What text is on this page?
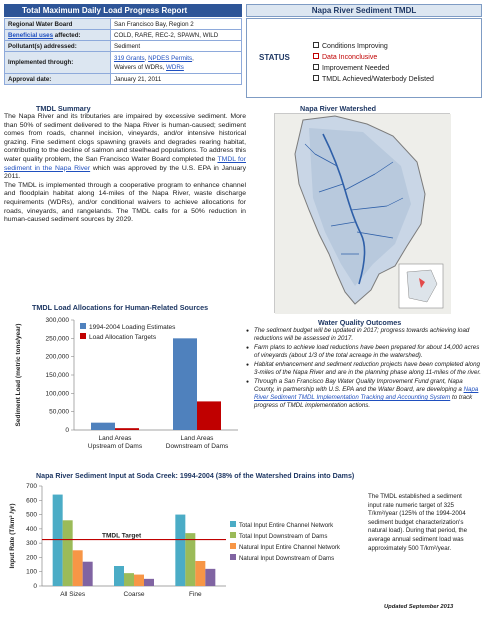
Total Maximum Daily Load Progress Report	Napa River Sediment TMDL
Regional Water Board	San Francisco Bay, Region 2
Beneficial uses affected:	COLD, RARE, REC-2, SPAWN, WILD
Pollutant(s) addressed:	Sediment
Implemented through:	319 Grants, NPDES Permits,
Waivers of WDRs, WDRs
Approval date:	January 21, 2011
STATUS
Conditions Improving
Data Inconclusive
Improvement Needed
TMDL Achieved/Waterbody Delisted
TMDL Summary

The Napa River and its tributaries are impaired by excessive sediment. More than 50% of sediment delivered to the Napa River is human-caused; sediment comes from roads, channel incision, vineyards, and/or intensive historical grazing. Fine sediment clogs spawning gravels and degrades rearing habitat, contributing to the decline of salmon and steelhead populations. To address this water quality problem, the San Francisco Water Board completed the TMDL for sediment in the Napa River which was approved by the U.S. EPA in January 2011.

The TMDL is implemented through a cooperative program to enhance channel and floodplain habitat along 14-miles of the Napa River, waste discharge requirements (WDRs), and/or conditional waivers to achieve allocations for roads, vineyards, and rangelands. The TMDL calls for a 50% reduction in human-caused sediment sources by 2029.

Napa River Watershed
TMDL Load Allocations for Human-Related Sources
0
50,000
100,000
150,000
200,000
250,000
300,000
Sediment Load (metric tons/year)
Land Areas
Upstream of Dams
Land Areas
Downstream of Dams
1994-2004 Loading Estimates
Load Allocation Targets
Water Quality Outcomes
● The sediment budget will be updated in 2017; progress towards achieving load reductions will be assessed in 2017.
● Farm plans to achieve load reductions have been prepared for about 14,000 acres of vineyards (about 1/3 of the total acreage in the watershed).
● Habitat enhancement and sediment reduction projects have been completed along 3-miles of the Napa River and are in the planning phase along 11-miles of the river.
● Through a San Francisco Bay Water Quality Improvement Fund grant, Napa County, in partnership with U.S. EPA and the Water Board, are developing a Napa River Sediment TMDL Implementation Tracking and Accounting System to track progress of TMDL implementation actions.
Napa River Sediment Input at Soda Creek: 1994-2004 (38% of the Watershed Drains into Dams)
0
100
200
300
400
500
600
700
Input Rate (T/km² /yr)
All Sizes	Coarse	Fine
TMDL Target
Total Input Entire Channel Network
Total Input Downstream of Dams
Natural Input Entire Channel Network
Natural Input Downstream of Dams
The TMDL established a sediment input rate numeric target of 325 T/km²/year (125% of the 1994-2004 sediment budget characterization's natural load). During that period, the average annual sediment load was approximately 500 T/km²/year.
Updated September 2013
